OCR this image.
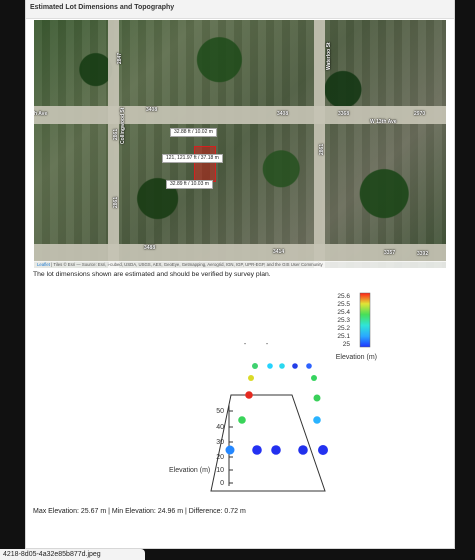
Estimated Lot Dimensions and Topography
32.88 ft / 10.02 m
121, 121.97 ft / 37.18 m
32.89 ft / 10.03 m
h Ave
W 13th Ave
Collingwood St
Waterloo St
3408
3408	3368	2970
2847
2861
2861
2861
3488
3414	3357	3392
Leaflet | Tiles © Esri — Source: Esri, i-cubed, USDA, USGS, AEX, GeoEye, Getmapping, Aerogrid, IGN, IGP, UPR-EGP, and the GIS User Community
The lot dimensions shown are estimated and should be verified by survey plan.
25.6
25.5
25.4
25.3
25.2
25.1
25
Elevation (m)
-	-
50
40
30
20
10
0
Elevation (m)
Max Elevation: 25.67 m | Min Elevation: 24.96 m | Difference: 0.72 m
4218-8d05-4a32e85b877d.jpeg
